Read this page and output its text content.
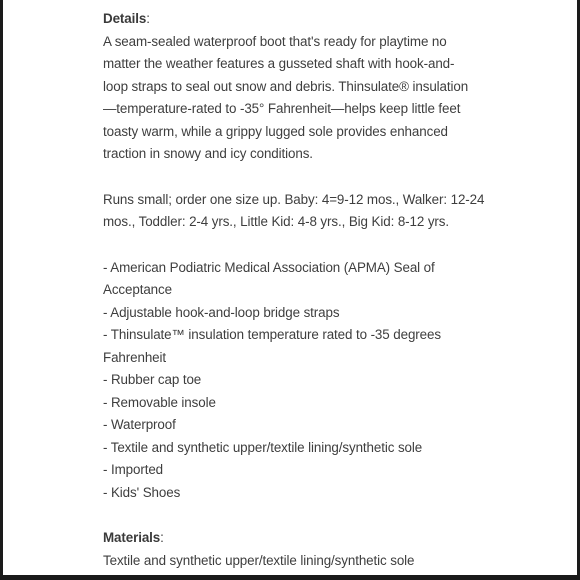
Details:
A seam-sealed waterproof boot that's ready for playtime no
matter the weather features a gusseted shaft with hook-and-
loop straps to seal out snow and debris. Thinsulate® insulation
—temperature-rated to -35° Fahrenheit—helps keep little feet
toasty warm, while a grippy lugged sole provides enhanced
traction in snowy and icy conditions.
Runs small; order one size up. Baby: 4=9-12 mos., Walker: 12-24
mos., Toddler: 2-4 yrs., Little Kid: 4-8 yrs., Big Kid: 8-12 yrs.
- American Podiatric Medical Association (APMA) Seal of
Acceptance
- Adjustable hook-and-loop bridge straps
- Thinsulate™ insulation temperature rated to -35 degrees
Fahrenheit
- Rubber cap toe
- Removable insole
- Waterproof
- Textile and synthetic upper/textile lining/synthetic sole
- Imported
- Kids' Shoes
Materials:
Textile and synthetic upper/textile lining/synthetic sole
